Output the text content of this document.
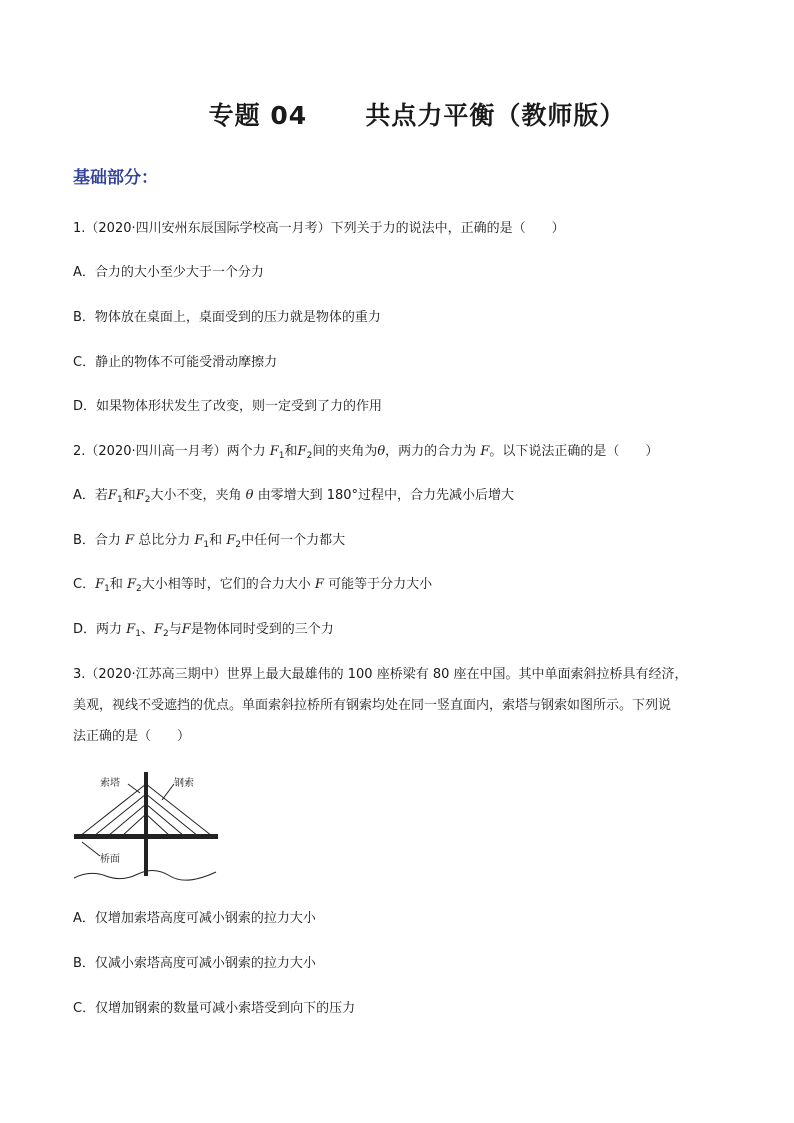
专题 04      共点力平衡（教师版）
基础部分：
1.（2020·四川安州东辰国际学校高一月考）下列关于力的说法中，正确的是（　　）
A．合力的大小至少大于一个分力
B．物体放在桌面上，桌面受到的压力就是物体的重力
C．静止的物体不可能受滑动摩擦力
D．如果物体形状发生了改变，则一定受到了力的作用
2.（2020·四川高一月考）两个力 $F_1$和$F_2$间的夹角为θ，两力的合力为 F。以下说法正确的是（　　）
A．若$F_1$和$F_2$大小不变，夹角 θ 由零增大到 180°过程中，合力先减小后增大
B．合力 F 总比分力 $F_1$和 $F_2$中任何一个力都大
C．$F_1$和 $F_2$大小相等时，它们的合力大小 F 可能等于分力大小
D．两力 $F_1$、$F_2$与F是物体同时受到的三个力
3.（2020·江苏高三期中）世界上最大最雄伟的 100 座桥梁有 80 座在中国。其中单面索斜拉桥具有经济，
美观，视线不受遮挡的优点。单面索斜拉桥所有钢索均处在同一竖直面内，索塔与钢索如图所示。下列说
法正确的是（　　）
索塔	钢索
桥面
A．仅增加索塔高度可减小钢索的拉力大小
B．仅减小索塔高度可减小钢索的拉力大小
C．仅增加钢索的数量可减小索塔受到向下的压力
